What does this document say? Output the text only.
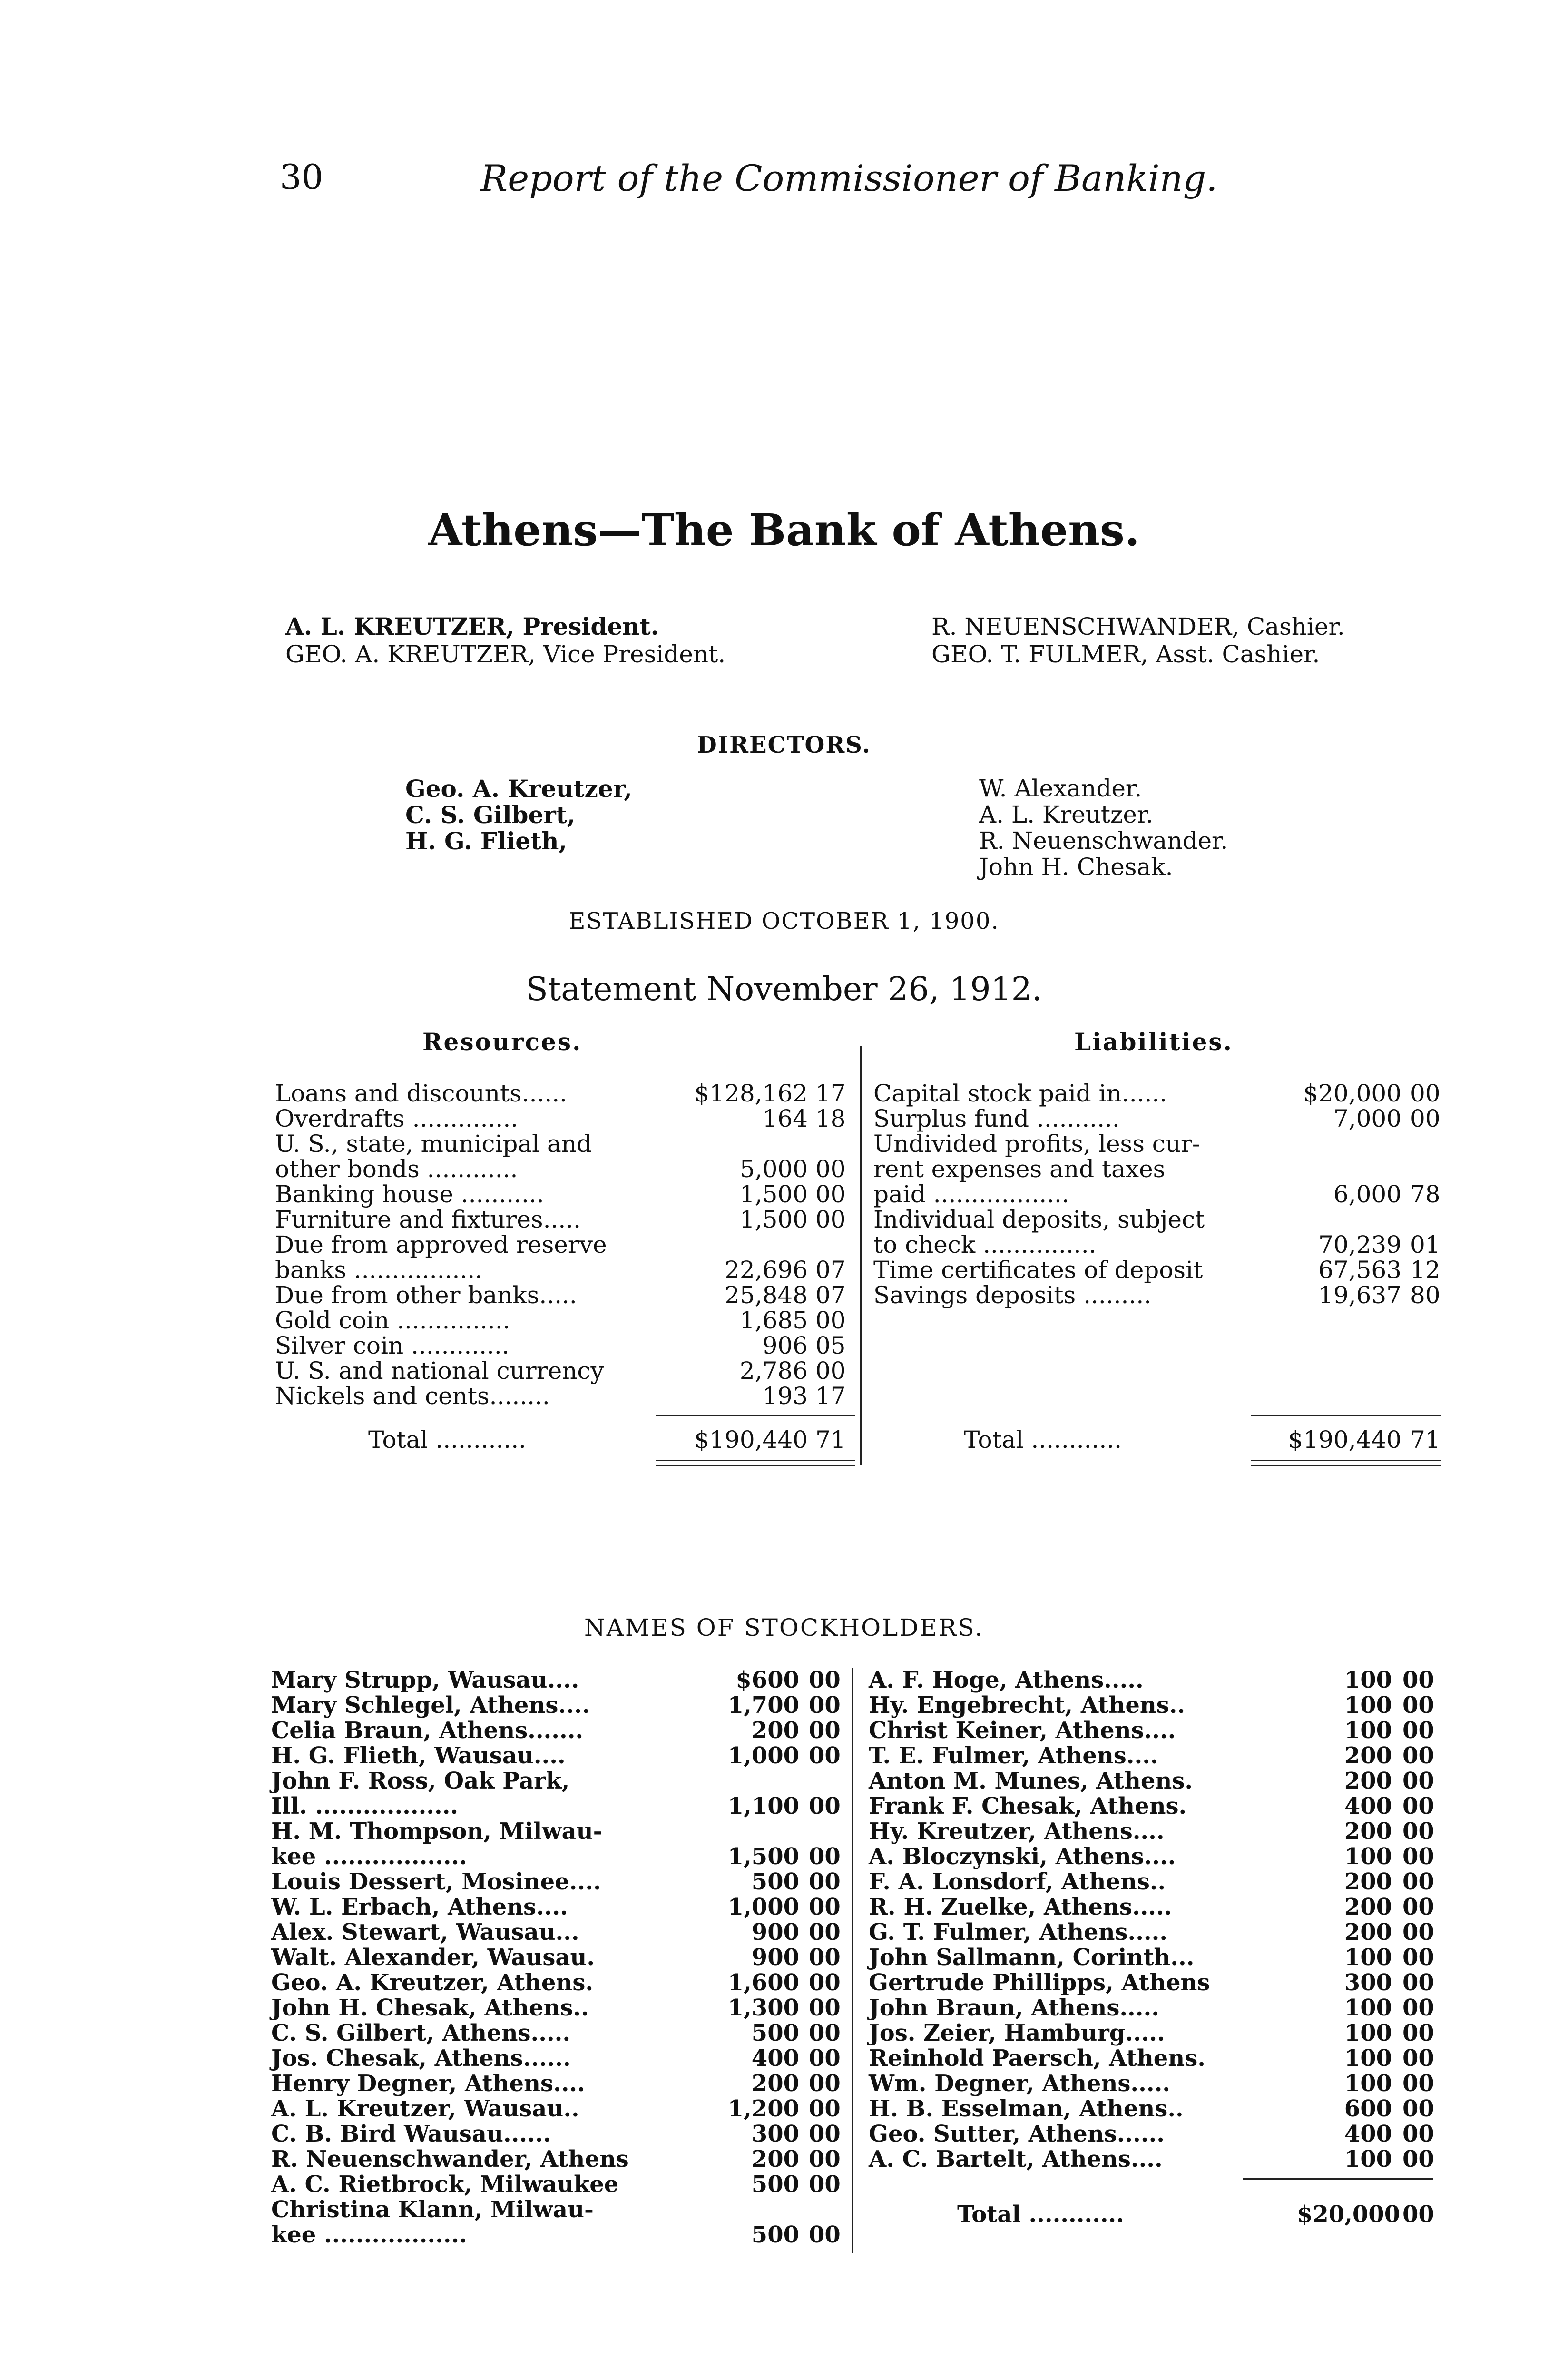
30	Report of the Commissioner of Banking.
Athens—The Bank of Athens.
A. L. KREUTZER, President.
GEO. A. KREUTZER, Vice President.
R. NEUENSCHWANDER, Cashier.
GEO. T. FULMER, Asst. Cashier.
DIRECTORS.
Geo. A. Kreutzer,
C. S. Gilbert,
H. G. Flieth,
W. Alexander.
A. L. Kreutzer.
R. Neuenschwander.
John H. Chesak.
ESTABLISHED OCTOBER 1, 1900.
Statement November 26, 1912.
Resources.	Liabilities.
Loans and discounts......	$128,162 17
Overdrafts ..............	164 18
U. S., state, municipal and
other bonds ............	5,000 00
Banking house ...........	1,500 00
Furniture and fixtures.....	1,500 00
Due from approved reserve
banks .................	22,696 07
Due from other banks.....	25,848 07
Gold coin ...............	1,685 00
Silver coin .............	906 05
U. S. and national currency	2,786 00
Nickels and cents........	193 17
Total ............	$190,440 71
Capital stock paid in......	$20,000 00
Surplus fund ...........	7,000 00
Undivided profits, less cur-
rent expenses and taxes
paid ..................	6,000 78
Individual deposits, subject
to check ...............	70,239 01
Time certificates of deposit	67,563 12
Savings deposits .........	19,637 80
Total ............	$190,440 71
NAMES OF STOCKHOLDERS.
Mary Strupp, Wausau....	$600 00
Mary Schlegel, Athens....	1,700 00
Celia Braun, Athens.......	200 00
H. G. Flieth, Wausau....	1,000 00
John F. Ross, Oak Park,
Ill. ..................	1,100 00
H. M. Thompson, Milwau-
kee ..................	1,500 00
Louis Dessert, Mosinee....	500 00
W. L. Erbach, Athens....	1,000 00
Alex. Stewart, Wausau...	900 00
Walt. Alexander, Wausau.	900 00
Geo. A. Kreutzer, Athens.	1,600 00
John H. Chesak, Athens..	1,300 00
C. S. Gilbert, Athens.....	500 00
Jos. Chesak, Athens......	400 00
Henry Degner, Athens....	200 00
A. L. Kreutzer, Wausau..	1,200 00
C. B. Bird Wausau......	300 00
R. Neuenschwander, Athens	200 00
A. C. Rietbrock, Milwaukee	500 00
Christina Klann, Milwau-
kee ..................	500 00
A. F. Hoge, Athens.....	100 00
Hy. Engebrecht, Athens..	100 00
Christ Keiner, Athens....	100 00
T. E. Fulmer, Athens....	200 00
Anton M. Munes, Athens.	200 00
Frank F. Chesak, Athens.	400 00
Hy. Kreutzer, Athens....	200 00
A. Bloczynski, Athens....	100 00
F. A. Lonsdorf, Athens..	200 00
R. H. Zuelke, Athens.....	200 00
G. T. Fulmer, Athens.....	200 00
John Sallmann, Corinth...	100 00
Gertrude Phillipps, Athens	300 00
John Braun, Athens.....	100 00
Jos. Zeier, Hamburg.....	100 00
Reinhold Paersch, Athens.	100 00
Wm. Degner, Athens.....	100 00
H. B. Esselman, Athens..	600 00
Geo. Sutter, Athens......	400 00
A. C. Bartelt, Athens....	100 00
Total ............	$20,000 00
